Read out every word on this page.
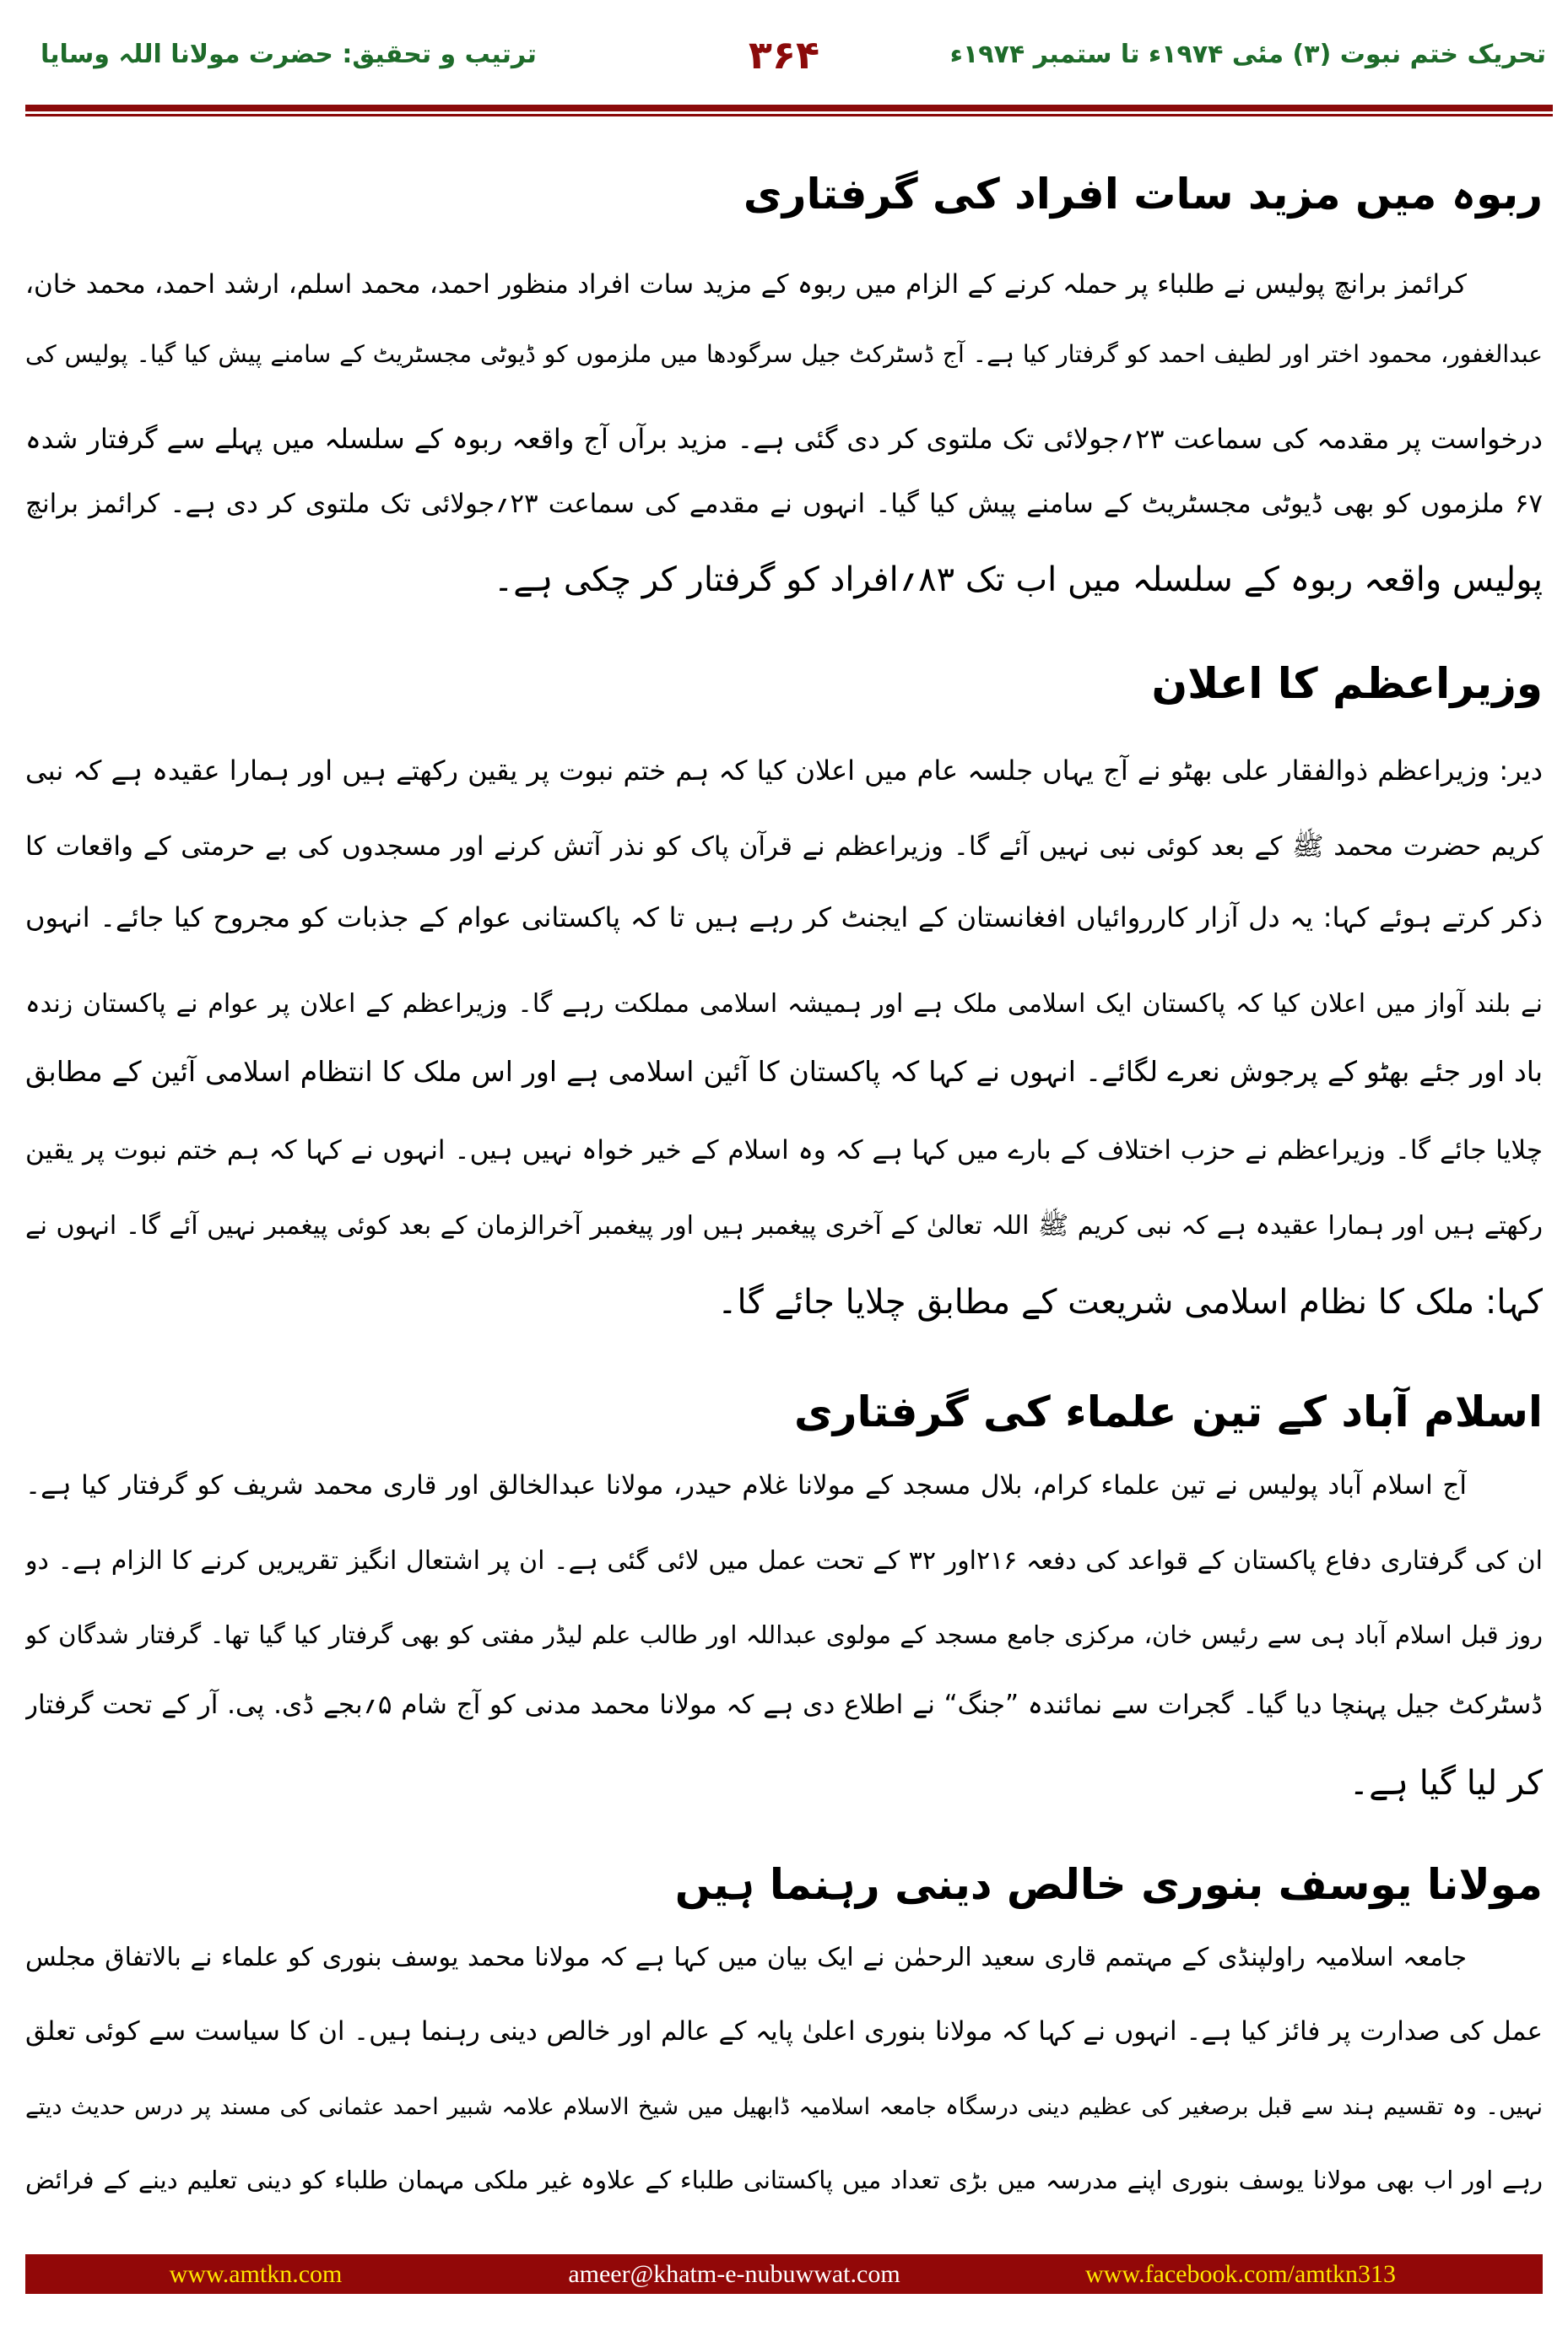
تحریک ختم نبوت (۳) مئی ۱۹۷۴ء تا ستمبر ۱۹۷۴ء
۳۶۴
ترتیب و تحقیق: حضرت مولانا اللہ وسایا
ربوہ میں مزید سات افراد کی گرفتاری
کرائمز برانچ پولیس نے طلباء پر حملہ کرنے کے الزام میں ربوہ کے مزید سات افراد منظور احمد، محمد اسلم، ارشد احمد، محمد خان،
عبدالغفور، محمود اختر اور لطیف احمد کو گرفتار کیا ہے۔ آج ڈسٹرکٹ جیل سرگودھا میں ملزموں کو ڈیوٹی مجسٹریٹ کے سامنے پیش کیا گیا۔ پولیس کی
درخواست پر مقدمہ کی سماعت ۲۳؍جولائی تک ملتوی کر دی گئی ہے۔ مزید برآں آج واقعہ ربوہ کے سلسلہ میں پہلے سے گرفتار شدہ
۶۷ ملزموں کو بھی ڈیوٹی مجسٹریٹ کے سامنے پیش کیا گیا۔ انہوں نے مقدمے کی سماعت ۲۳؍جولائی تک ملتوی کر دی ہے۔ کرائمز برانچ
پولیس واقعہ ربوہ کے سلسلہ میں اب تک ۸۳؍افراد کو گرفتار کر چکی ہے۔
وزیراعظم کا اعلان
دیر: وزیراعظم ذوالفقار علی بھٹو نے آج یہاں جلسہ عام میں اعلان کیا کہ ہم ختم نبوت پر یقین رکھتے ہیں اور ہمارا عقیدہ ہے کہ نبی
کریم حضرت محمد ﷺ کے بعد کوئی نبی نہیں آئے گا۔ وزیراعظم نے قرآن پاک کو نذر آتش کرنے اور مسجدوں کی بے حرمتی کے واقعات کا
ذکر کرتے ہوئے کہا: یہ دل آزار کارروائیاں افغانستان کے ایجنٹ کر رہے ہیں تا کہ پاکستانی عوام کے جذبات کو مجروح کیا جائے۔ انہوں
نے بلند آواز میں اعلان کیا کہ پاکستان ایک اسلامی ملک ہے اور ہمیشہ اسلامی مملکت رہے گا۔ وزیراعظم کے اعلان پر عوام نے پاکستان زندہ
باد اور جئے بھٹو کے پرجوش نعرے لگائے۔ انہوں نے کہا کہ پاکستان کا آئین اسلامی ہے اور اس ملک کا انتظام اسلامی آئین کے مطابق
چلایا جائے گا۔ وزیراعظم نے حزب اختلاف کے بارے میں کہا ہے کہ وہ اسلام کے خیر خواہ نہیں ہیں۔ انہوں نے کہا کہ ہم ختم نبوت پر یقین
رکھتے ہیں اور ہمارا عقیدہ ہے کہ نبی کریم ﷺ اللہ تعالیٰ کے آخری پیغمبر ہیں اور پیغمبر آخرالزمان کے بعد کوئی پیغمبر نہیں آئے گا۔ انہوں نے
کہا: ملک کا نظام اسلامی شریعت کے مطابق چلایا جائے گا۔
اسلام آباد کے تین علماء کی گرفتاری
آج اسلام آباد پولیس نے تین علماء کرام، بلال مسجد کے مولانا غلام حیدر، مولانا عبدالخالق اور قاری محمد شریف کو گرفتار کیا ہے۔
ان کی گرفتاری دفاع پاکستان کے قواعد کی دفعہ ۲۱۶اور ۳۲ کے تحت عمل میں لائی گئی ہے۔ ان پر اشتعال انگیز تقریریں کرنے کا الزام ہے۔ دو
روز قبل اسلام آباد ہی سے رئیس خان، مرکزی جامع مسجد کے مولوی عبداللہ اور طالب علم لیڈر مفتی کو بھی گرفتار کیا گیا تھا۔ گرفتار شدگان کو
ڈسٹرکٹ جیل پہنچا دیا گیا۔ گجرات سے نمائندہ ”جنگ“ نے اطلاع دی ہے کہ مولانا محمد مدنی کو آج شام ۵؍بجے ڈی. پی. آر کے تحت گرفتار
کر لیا گیا ہے۔
مولانا یوسف بنوری خالص دینی رہنما ہیں
جامعہ اسلامیہ راولپنڈی کے مہتمم قاری سعید الرحمٰن نے ایک بیان میں کہا ہے کہ مولانا محمد یوسف بنوری کو علماء نے بالاتفاق مجلس
عمل کی صدارت پر فائز کیا ہے۔ انہوں نے کہا کہ مولانا بنوری اعلیٰ پایہ کے عالم اور خالص دینی رہنما ہیں۔ ان کا سیاست سے کوئی تعلق
نہیں۔ وہ تقسیم ہند سے قبل برصغیر کی عظیم دینی درسگاہ جامعہ اسلامیہ ڈابھیل میں شیخ الاسلام علامہ شبیر احمد عثمانی کی مسند پر درس حدیث دیتے
رہے اور اب بھی مولانا یوسف بنوری اپنے مدرسہ میں بڑی تعداد میں پاکستانی طلباء کے علاوہ غیر ملکی مہمان طلباء کو دینی تعلیم دینے کے فرائض
www.amtkn.com	ameer@khatm-e-nubuwwat.com	www.facebook.com/amtkn313
